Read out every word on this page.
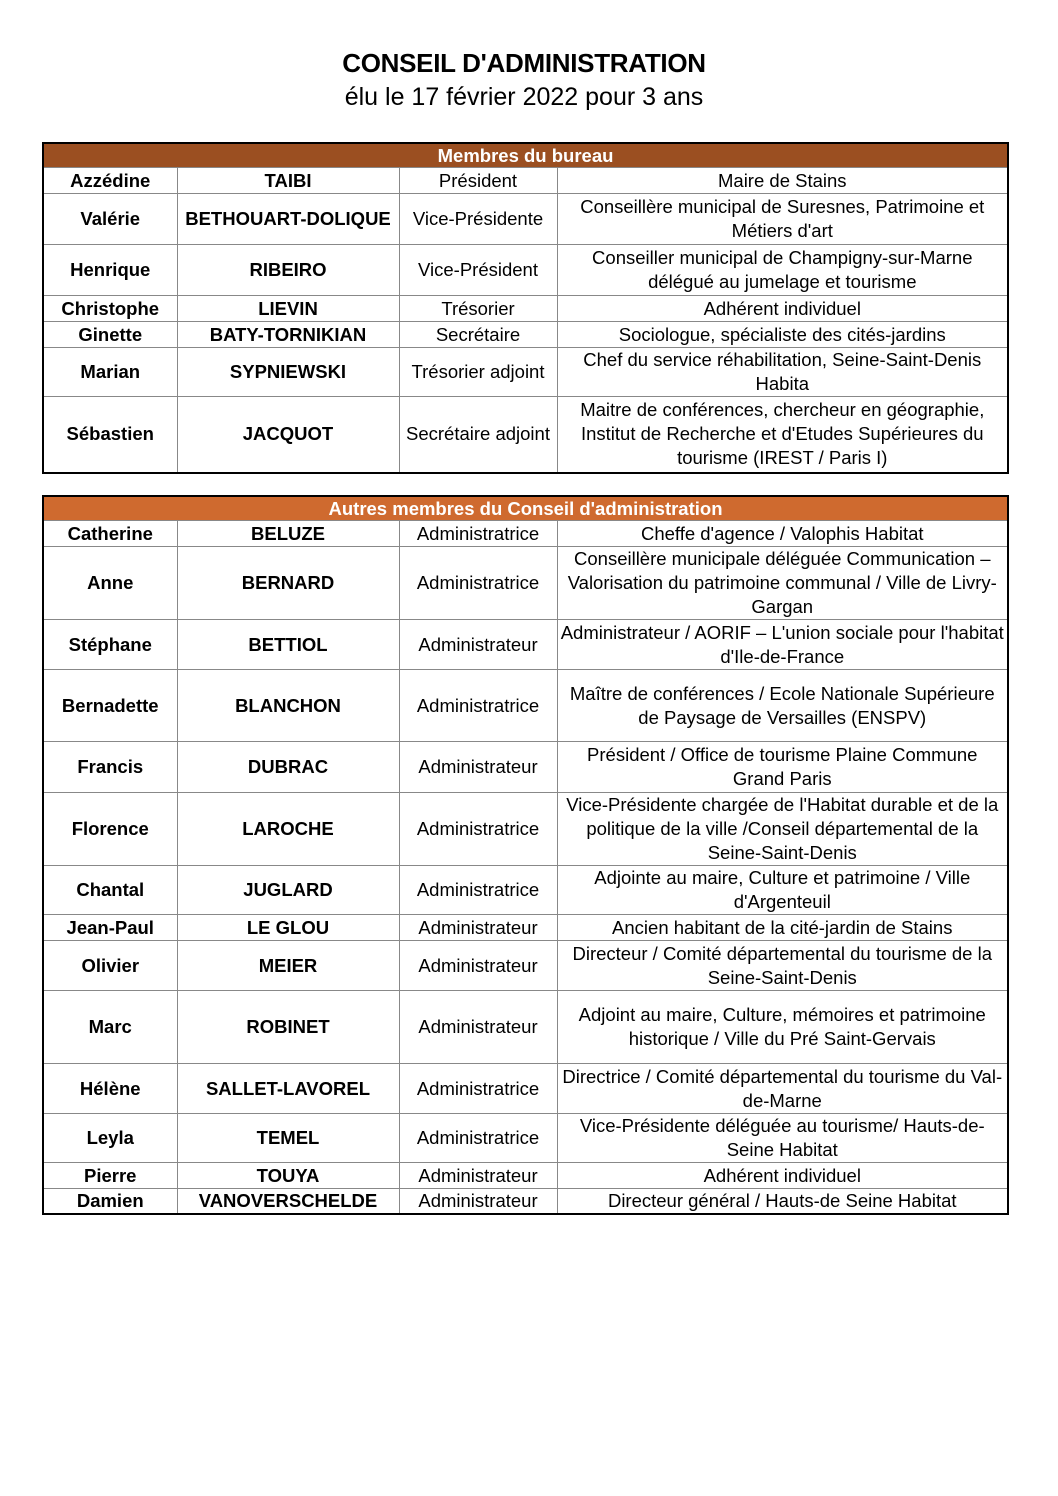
CONSEIL D'ADMINISTRATION
élu le 17 février 2022 pour 3 ans
Membres du bureau			
Azzédine	TAIBI	Président	Maire de Stains
Valérie	BETHOUART-DOLIQUE	Vice-Présidente	Conseillère municipal de Suresnes, Patrimoine et Métiers d'art
Henrique	RIBEIRO	Vice-Président	Conseiller municipal de Champigny-sur-Marne délégué au jumelage et tourisme
Christophe	LIEVIN	Trésorier	Adhérent individuel
Ginette	BATY-TORNIKIAN	Secrétaire	Sociologue, spécialiste des cités-jardins
Marian	SYPNIEWSKI	Trésorier adjoint	Chef du service réhabilitation, Seine-Saint-Denis Habita
Sébastien	JACQUOT	Secrétaire adjoint	Maitre de conférences, chercheur en géographie, Institut de Recherche et d'Etudes Supérieures du tourisme (IREST / Paris I)
Autres membres du Conseil d'administration			
Catherine	BELUZE	Administratrice	Cheffe d'agence / Valophis Habitat
Anne	BERNARD	Administratrice	Conseillère municipale déléguée Communication – Valorisation du patrimoine communal / Ville de Livry-Gargan
Stéphane	BETTIOL	Administrateur	Administrateur / AORIF – L'union sociale pour l'habitat d'Ile-de-France
Bernadette	BLANCHON	Administratrice	Maître de conférences / Ecole Nationale Supérieure de Paysage de Versailles (ENSPV)
Francis	DUBRAC	Administrateur	Président / Office de tourisme Plaine Commune Grand Paris
Florence	LAROCHE	Administratrice	Vice-Présidente chargée de l'Habitat durable et de la politique de la ville /Conseil départemental de la Seine-Saint-Denis
Chantal	JUGLARD	Administratrice	Adjointe au maire, Culture et patrimoine / Ville d'Argenteuil
Jean-Paul	LE GLOU	Administrateur	Ancien habitant de la cité-jardin de Stains
Olivier	MEIER	Administrateur	Directeur / Comité départemental du tourisme de la Seine-Saint-Denis
Marc	ROBINET	Administrateur	Adjoint au maire, Culture, mémoires et patrimoine historique / Ville du Pré Saint-Gervais
Hélène	SALLET-LAVOREL	Administratrice	Directrice / Comité départemental du tourisme du Val-de-Marne
Leyla	TEMEL	Administratrice	Vice-Présidente déléguée au tourisme/ Hauts-de-Seine Habitat
Pierre	TOUYA	Administrateur	Adhérent individuel
Damien	VANOVERSCHELDE	Administrateur	Directeur général / Hauts-de Seine Habitat
